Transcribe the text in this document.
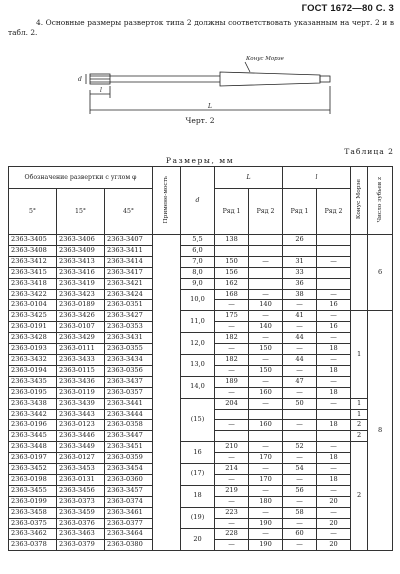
ГОСТ 1672—80 С. 3
4. Основные размеры разверток типа 2 должны соответствовать указанным на черт. 2 и в табл. 2.
Конус Морзе
l
L
d
Черт. 2
Таблица 2
Размеры, мм
Обозначение развертки с углом φ			Примене-мость	d	L		l		Конус Морзе	Число зубьев z
5°	15°	45°			Ряд 1	Ряд 2	Ряд 1	Ряд 2		
2363-3405	2363-3406	2363-3407		5,5	138		26			6
2363-3408	2363-3409	2363-3411		6,0						
2363-3412	2363-3413	2363-3414		7,0	150	—	31	—		
2363-3415	2363-3416	2363-3417		8,0	156		33			
2363-3418	2363-3419	2363-3421		9,0	162		36			
2363-3422	2363-3423	2363-3424		10,0	168	—	38	—		
2363-0104	2363-0189	2363-0351			—	140	—	16		
2363-3425	2363-3426	2363-3427		11,0	175	—	41	—	1	8
2363-0191	2363-0107	2363-0353			—	140	—	16		
2363-3428	2363-3429	2363-3431		12,0	182	—	44	—		
2363-0193	2363-0111	2363-0355			—	150	—	18		
2363-3432	2363-3433	2363-3434		13,0	182	—	44	—		
2363-0194	2363-0115	2363-0356			—	150	—	18		
2363-3435	2363-3436	2363-3437		14,0	189	—	47	—		
2363-0195	2363-0119	2363-0357			—	160	—	18		
2363-3438	2363-3439	2363-3441		(15)	204	—	50	—	1	
2363-3442	2363-3443	2363-3444							1	
2363-0196	2363-0123	2363-0358			—	160	—	18	2	
2363-3445	2363-3446	2363-3447							2	
2363-3448	2363-3449	2363-3451		16	210	—	52	—	2	
2363-0197	2363-0127	2363-0359			—	170	—	18		
2363-3452	2363-3453	2363-3454		(17)	214	—	54	—		
2363-0198	2363-0131	2363-0360			—	170	—	18		
2363-3455	2363-3456	2363-3457		18	219	—	56	—		
2363-0199	2363-0373	2363-0374			—	180	—	20		
2363-3458	2363-3459	2363-3461		(19)	223	—	58	—		
2363-0375	2363-0376	2363-0377			—	190	—	20		
2363-3462	2363-3463	2363-3464		20	228	—	60	—		
2363-0378	2363-0379	2363-0380			—	190	—	20		
